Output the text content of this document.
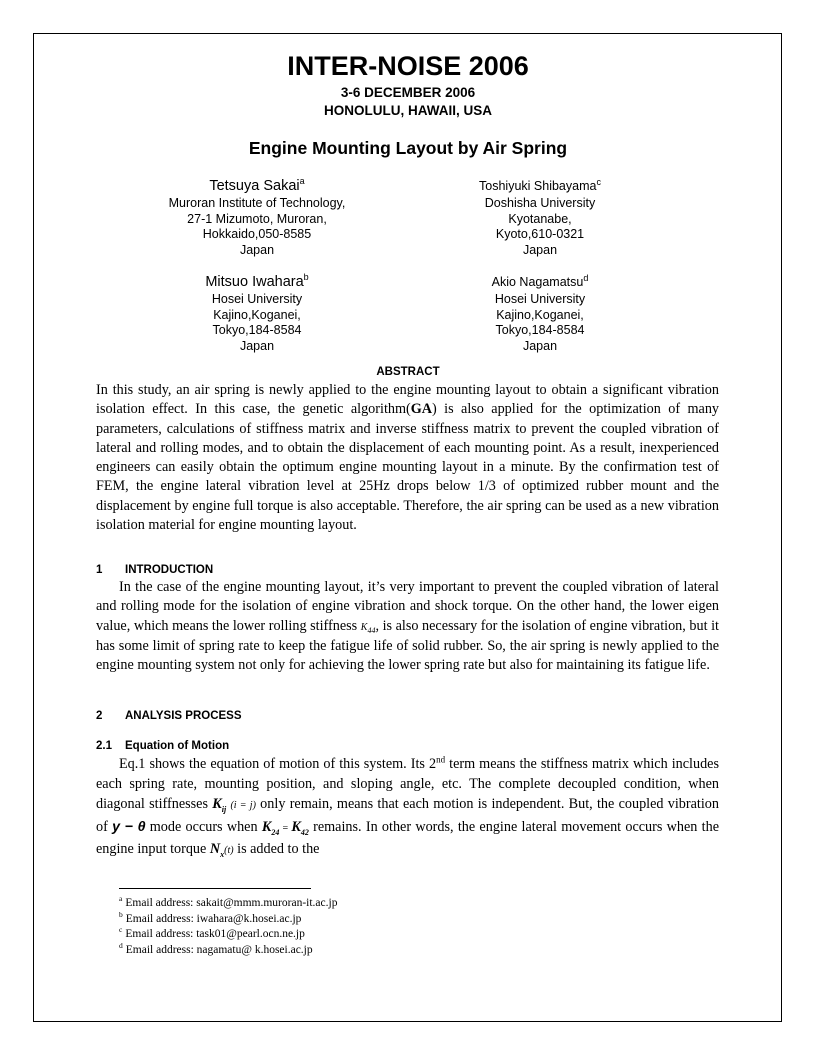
INTER-NOISE 2006
3-6 DECEMBER 2006
HONOLULU, HAWAII, USA
Engine Mounting Layout by Air Spring
Tetsuya Sakai$^a$
Muroran Institute of Technology,
27-1 Mizumoto, Muroran,
Hokkaido,050-8585
Japan
Toshiyuki Shibayama$^c$
Doshisha University
Kyotanabe,
Kyoto,610-0321
Japan
Mitsuo Iwahara$^b$
Hosei University
Kajino,Koganei,
Tokyo,184-8584
Japan
Akio Nagamatsu$^d$
Hosei University
Kajino,Koganei,
Tokyo,184-8584
Japan
ABSTRACT

In this study, an air spring is newly applied to the engine mounting layout to obtain a significant vibration isolation effect. In this case, the genetic algorithm(GA) is also applied for the optimization of many parameters, calculations of stiffness matrix and inverse stiffness matrix to prevent the coupled vibration of lateral and rolling modes, and to obtain the displacement of each mounting point. As a result, inexperienced engineers can easily obtain the optimum engine mounting layout in a minute. By the confirmation test of FEM, the engine lateral vibration level at 25Hz drops below 1/3 of optimized rubber mount and the displacement by engine full torque is also acceptable. Therefore, the air spring can be used as a new vibration isolation material for engine mounting layout.

1 INTRODUCTION

In the case of the engine mounting layout, it’s very important to prevent the coupled vibration of lateral and rolling mode for the isolation of engine vibration and shock torque. On the other hand, the lower eigen value, which means the lower rolling stiffness $K_{44}$, is also necessary for the isolation of engine vibration, but it has some limit of spring rate to keep the fatigue life of solid rubber. So, the air spring is newly applied to the engine mounting system not only for achieving the lower spring rate but also for maintaining its fatigue life.

2 ANALYSIS PROCESS
2.1 Equation of Motion

Eq.1 shows the equation of motion of this system. Its 2nd term means the stiffness matrix which includes each spring rate, mounting position, and sloping angle, etc. The complete decoupled condition, when diagonal stiffnesses $K_{ij}$ (i = j) only remain, means that each motion is independent. But, the coupled vibration of y − θ mode occurs when $K_{24} = K_{42}$ remains. In other words, the engine lateral movement occurs when the engine input torque $N_x(t)$ is added to the

$^a$ Email address: sakait@mmm.muroran-it.ac.jp
$^b$ Email address: iwahara@k.hosei.ac.jp
$^c$ Email address: task01@pearl.ocn.ne.jp
$^d$ Email address: nagamatu@ k.hosei.ac.jp
